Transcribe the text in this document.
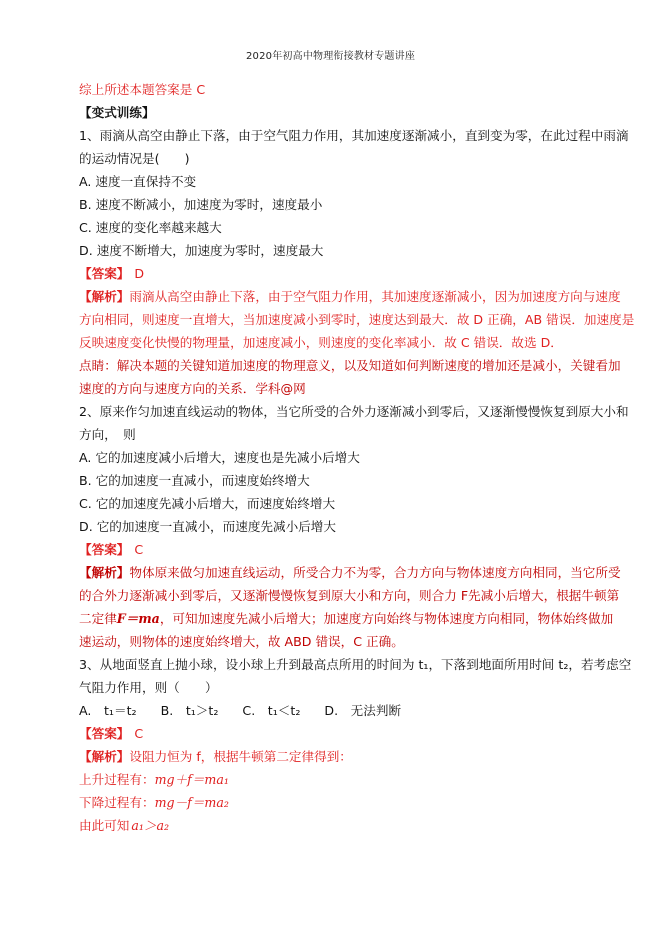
2020年初高中物理衔接教材专题讲座
综上所述本题答案是 C
【变式训练】
1、雨滴从高空由静止下落，由于空气阻力作用，其加速度逐渐减小，直到变为零，在此过程中雨滴
的运动情况是(　　)
A. 速度一直保持不变
B. 速度不断减小，加速度为零时，速度最小
C. 速度的变化率越来越大
D. 速度不断增大，加速度为零时，速度最大
【答案】 D
【解析】雨滴从高空由静止下落，由于空气阻力作用，其加速度逐渐减小，因为加速度方向与速度
方向相同，则速度一直增大，当加速度减小到零时，速度达到最大．故 D 正确，AB 错误．加速度是
反映速度变化快慢的物理量，加速度减小，则速度的变化率减小．故 C 错误．故选 D．
点睛：解决本题的关键知道加速度的物理意义，以及知道如何判断速度的增加还是减小，关键看加
速度的方向与速度方向的关系．学科@网
2、原来作匀加速直线运动的物体，当它所受的合外力逐渐减小到零后，又逐渐慢慢恢复到原大小和
方向，　则
A. 它的加速度减小后增大，速度也是先减小后增大
B. 它的加速度一直减小，而速度始终增大
C. 它的加速度先减小后增大，而速度始终增大
D. 它的加速度一直减小，而速度先减小后增大
【答案】 C
【解析】物体原来做匀加速直线运动，所受合力不为零，合力方向与物体速度方向相同，当它所受
的合外力逐渐减小到零后，又逐渐慢慢恢复到原大小和方向，则合力 F先减小后增大，根据牛顿第
二定律F＝ma，可知加速度先减小后增大；加速度方向始终与物体速度方向相同，物体始终做加
速运动，则物体的速度始终增大，故 ABD 错误，C 正确。
3、从地面竖直上抛小球，设小球上升到最高点所用的时间为 t₁，下落到地面所用时间 t₂，若考虑空
气阻力作用，则（　　）
A.　t₁＝t₂ B.　t₁＞t₂ C.　t₁＜t₂ D.　无法判断
【答案】 C
【解析】设阻力恒为 f，根据牛顿第二定律得到：
上升过程有：mg＋f＝ma₁
下降过程有：mg－f＝ma₂
由此可知 a₁＞a₂
